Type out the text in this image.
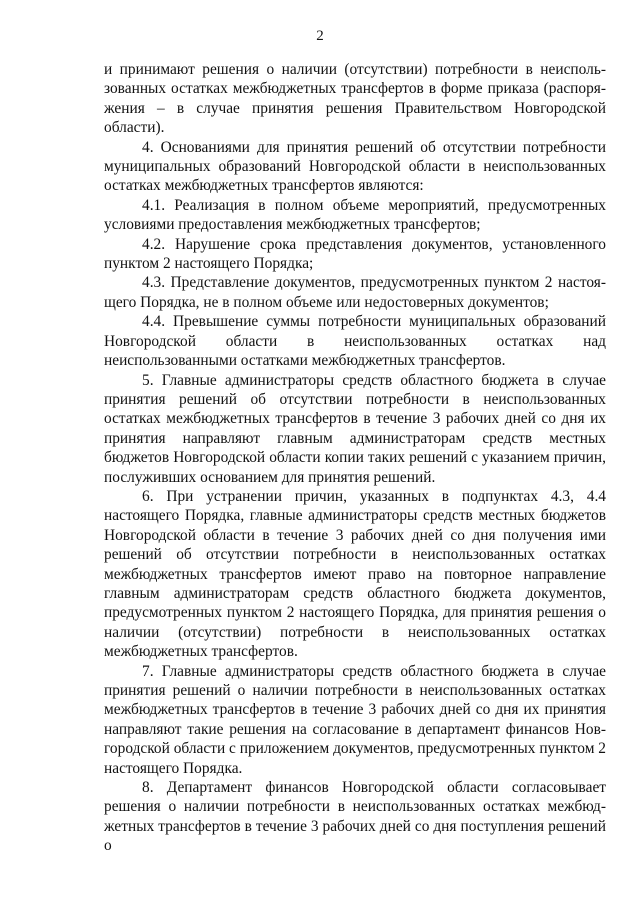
2

и принимают решения о наличии (отсутствии) потребности в неиспользованных остатках межбюджетных трансфертов в форме приказа (распоряжения – в случае принятия решения Правительством Новгородской области).

4. Основаниями для принятия решений об отсутствии потребности муниципальных образований Новгородской области в неиспользованных остатках межбюджетных трансфертов являются:

4.1. Реализация в полном объеме мероприятий, предусмотренных условиями предоставления межбюджетных трансфертов;

4.2. Нарушение срока представления документов, установленного пунктом 2 настоящего Порядка;

4.3. Представление документов, предусмотренных пунктом 2 настоящего Порядка, не в полном объеме или недостоверных документов;

4.4. Превышение суммы потребности муниципальных образований Новгородской области в неиспользованных остатках над неиспользованными остатками межбюджетных трансфертов.

5. Главные администраторы средств областного бюджета в случае принятия решений об отсутствии потребности в неиспользованных остатках межбюджетных трансфертов в течение 3 рабочих дней со дня их принятия направляют главным администраторам средств местных бюджетов Новгородской области копии таких решений с указанием причин, послуживших основанием для принятия решений.

6. При устранении причин, указанных в подпунктах 4.3, 4.4 настоящего Порядка, главные администраторы средств местных бюджетов Новгородской области в течение 3 рабочих дней со дня получения ими решений об отсутствии потребности в неиспользованных остатках межбюджетных трансфертов имеют право на повторное направление главным администраторам средств областного бюджета документов, предусмотренных пунктом 2 настоящего Порядка, для принятия решения о наличии (отсутствии) потребности в неиспользованных остатках межбюджетных трансфертов.

7. Главные администраторы средств областного бюджета в случае принятия решений о наличии потребности в неиспользованных остатках межбюджетных трансфертов в течение 3 рабочих дней со дня их принятия направляют такие решения на согласование в департамент финансов Новгородской области с приложением документов, предусмотренных пунктом 2 настоящего Порядка.

8. Департамент финансов Новгородской области согласовывает решения о наличии потребности в неиспользованных остатках межбюджетных трансфертов в течение 3 рабочих дней со дня поступления решений о
